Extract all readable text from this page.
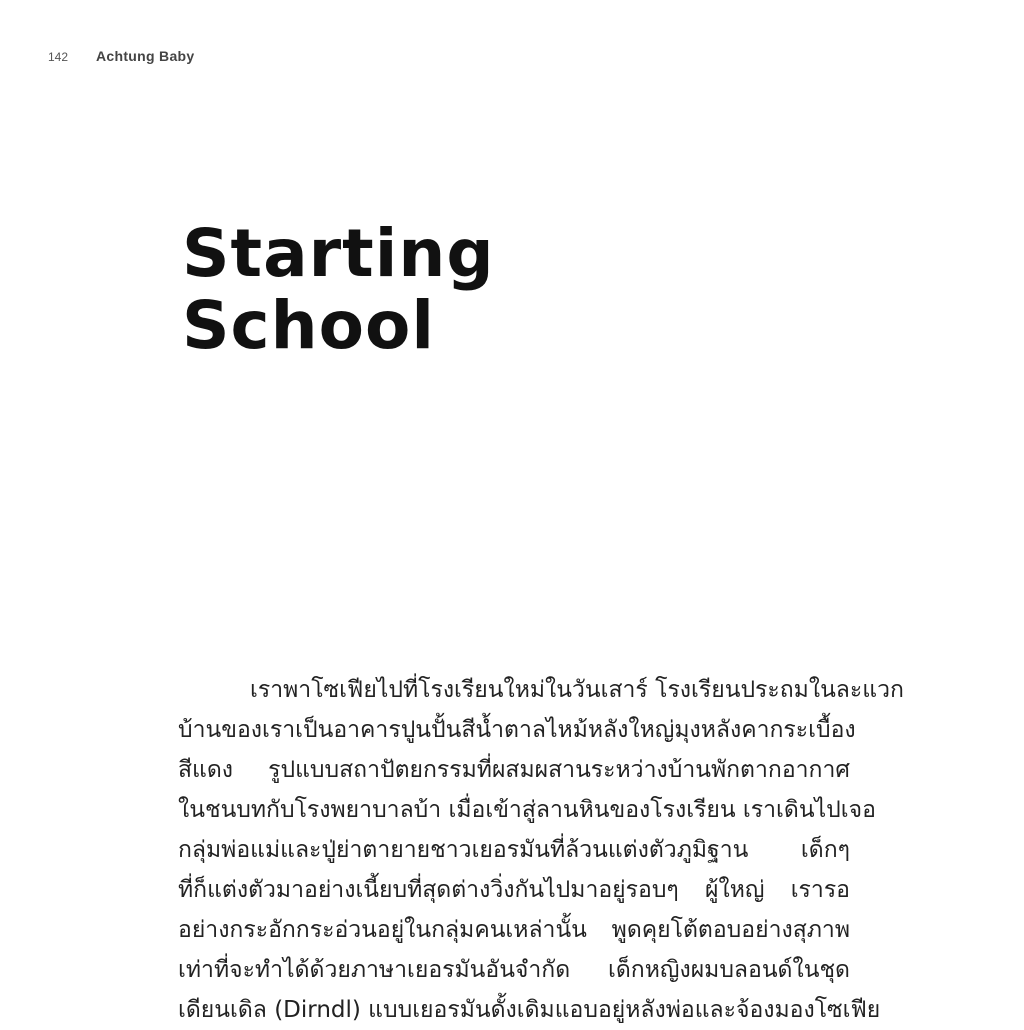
142	Achtung Baby
Starting
School
เราพาโซเฟียไปที่โรงเรียนใหม่ในวันเสาร์ โรงเรียนประถมในละแวก
บ้านของเราเป็นอาคารปูนปั้นสีน้ำตาลไหม้หลังใหญ่มุงหลังคากระเบื้อง
สีแดง รูปแบบสถาปัตยกรรมที่ผสมผสานระหว่างบ้านพักตากอากาศ
ในชนบทกับโรงพยาบาลบ้า เมื่อเข้าสู่ลานหินของโรงเรียน เราเดินไปเจอ
กลุ่มพ่อแม่และปู่ย่าตายายชาวเยอรมันที่ล้วนแต่งตัวภูมิฐาน เด็กๆ
ที่ก็แต่งตัวมาอย่างเนี้ยบที่สุดต่างวิ่งกันไปมาอยู่รอบๆ ผู้ใหญ่ เรารอ
อย่างกระอักกระอ่วนอยู่ในกลุ่มคนเหล่านั้น พูดคุยโต้ตอบอย่างสุภาพ
เท่าที่จะทำได้ด้วยภาษาเยอรมันอันจำกัด เด็กหญิงผมบลอนด์ในชุด
เดียนเดิล (Dirndl) แบบเยอรมันดั้งเดิมแอบอยู่หลังพ่อและจ้องมองโซเฟีย
